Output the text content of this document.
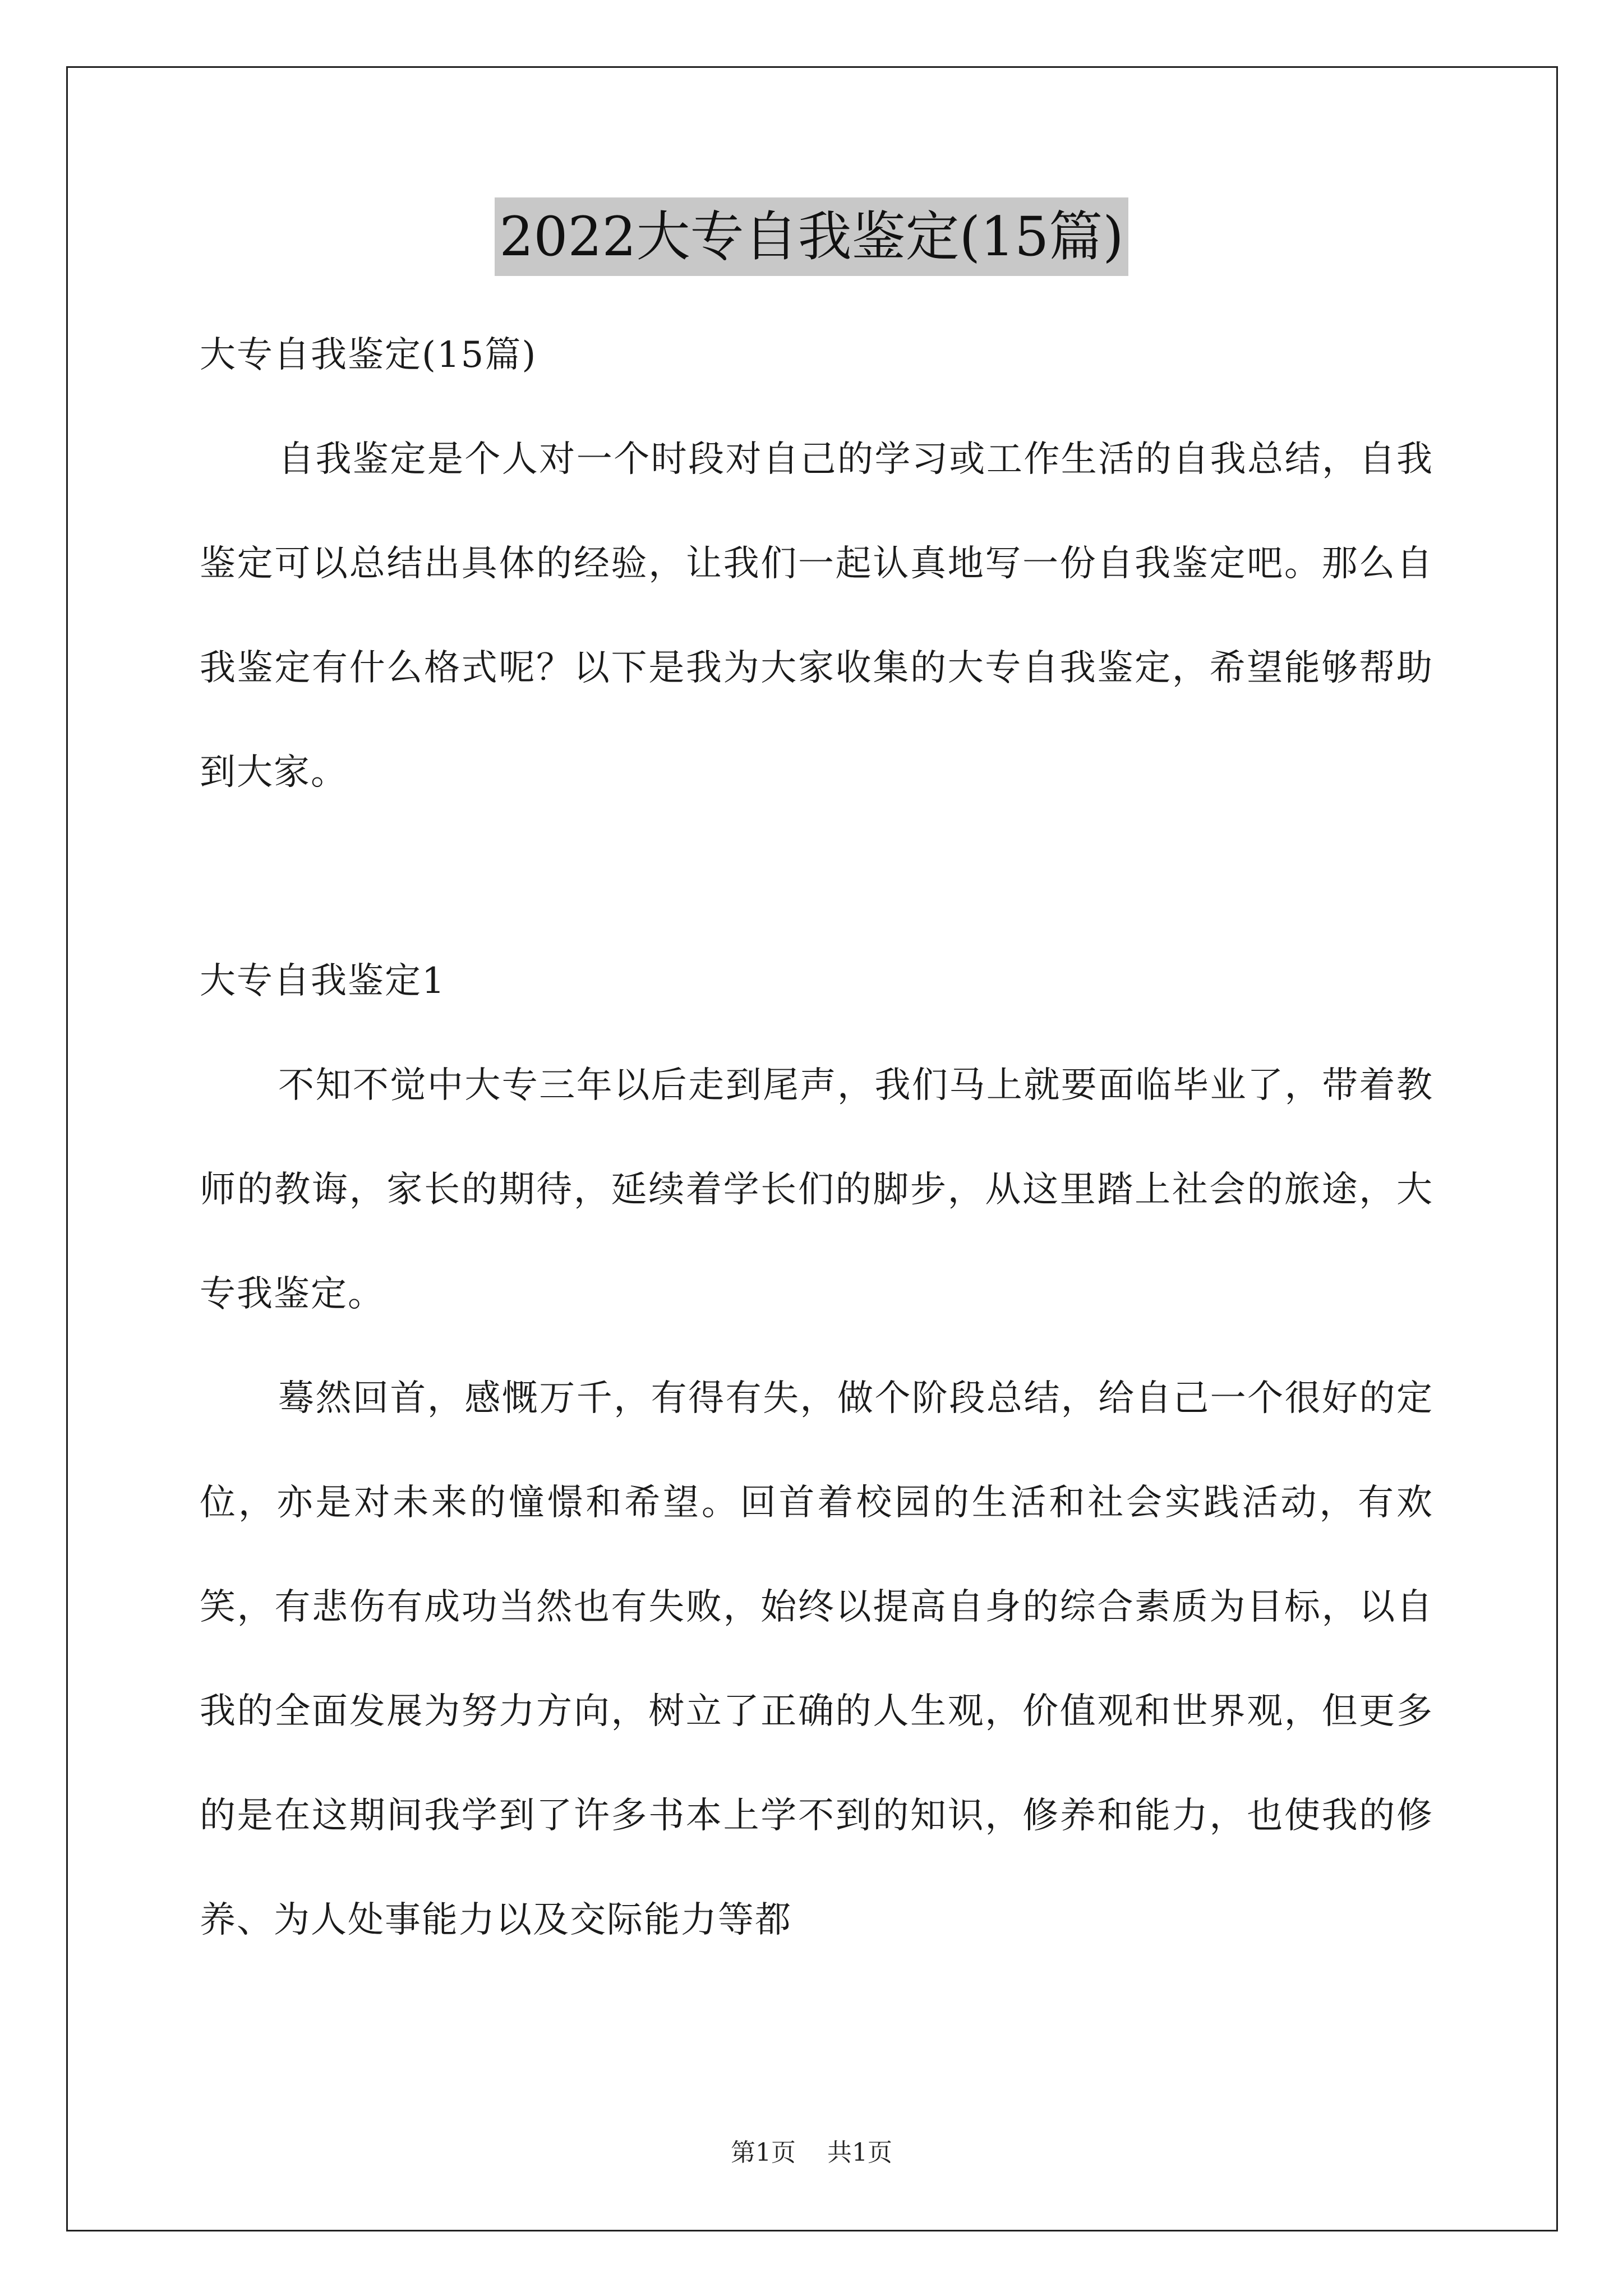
2022大专自我鉴定(15篇)

大专自我鉴定(15篇)

自我鉴定是个人对一个时段对自己的学习或工作生活的自我总结，自我鉴定可以总结出具体的经验，让我们一起认真地写一份自我鉴定吧。那么自我鉴定有什么格式呢？以下是我为大家收集的大专自我鉴定，希望能够帮助到大家。

大专自我鉴定1

不知不觉中大专三年以后走到尾声，我们马上就要面临毕业了，带着教师的教诲，家长的期待，延续着学长们的脚步，从这里踏上社会的旅途，大专我鉴定。

蓦然回首，感慨万千，有得有失，做个阶段总结，给自己一个很好的定位，亦是对未来的憧憬和希望。回首着校园的生活和社会实践活动，有欢笑，有悲伤有成功当然也有失败，始终以提高自身的综合素质为目标，以自我的全面发展为努力方向，树立了正确的人生观，价值观和世界观，但更多的是在这期间我学到了许多书本上学不到的知识，修养和能力，也使我的修养、为人处事能力以及交际能力等都

第1页 共1页
